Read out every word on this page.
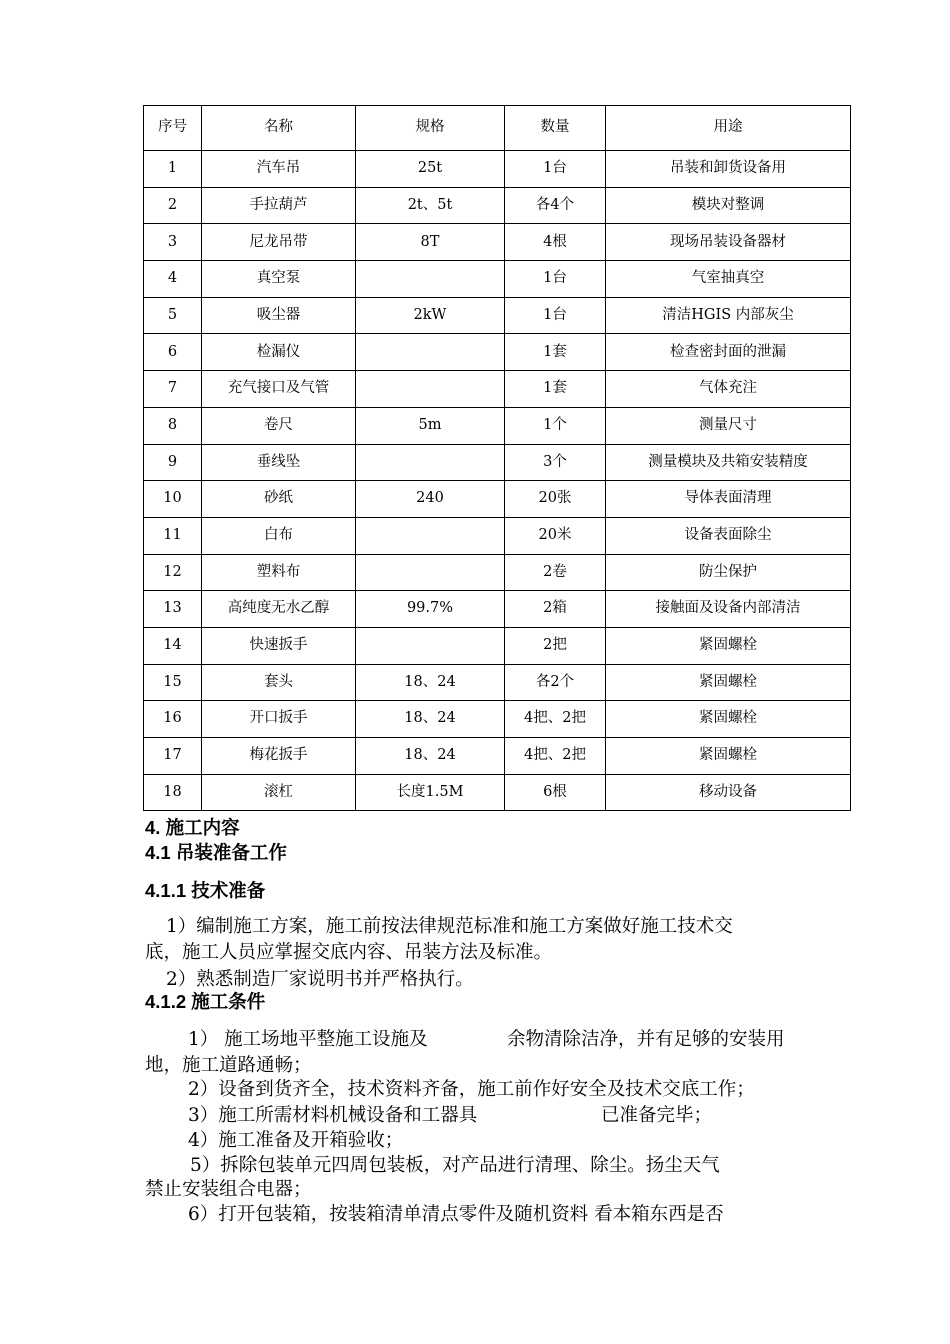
序号	名称	规格	数量	用途
1	汽车吊	25t	1台	吊装和卸货设备用
2	手拉葫芦	2t、5t	各4个	模块对整调
3	尼龙吊带	8T	4根	现场吊装设备器材
4	真空泵		1台	气室抽真空
5	吸尘器	2kW	1台	清洁HGIS 内部灰尘
6	检漏仪		1套	检查密封面的泄漏
7	充气接口及气管		1套	气体充注
8	卷尺	5m	1个	测量尺寸
9	垂线坠		3个	测量模块及共箱安装精度
10	砂纸	240	20张	导体表面清理
11	白布		20米	设备表面除尘
12	塑料布		2卷	防尘保护
13	高纯度无水乙醇	99.7%	2箱	接触面及设备内部清洁
14	快速扳手		2把	紧固螺栓
15	套头	18、24	各2个	紧固螺栓
16	开口扳手	18、24	4把、2把	紧固螺栓
17	梅花扳手	18、24	4把、2把	紧固螺栓
18	滚杠	长度1.5M	6根	移动设备
4. 施工内容
4.1 吊装准备工作
4.1.1 技术准备
1）编制施工方案，施工前按法律规范标准和施工方案做好施工技术交
底，施工人员应掌握交底内容、吊装方法及标准。
2）熟悉制造厂家说明书并严格执行。
4.1.2 施工条件
1） 施工场地平整施工设施及	余物清除洁净，并有足够的安装用
地，施工道路通畅；
2）设备到货齐全，技术资料齐备，施工前作好安全及技术交底工作；
3）施工所需材料机械设备和工器具	已准备完毕；
4）施工准备及开箱验收；
5）拆除包装单元四周包装板，对产品进行清理、除尘。扬尘天气
禁止安装组合电器；
6）打开包装箱，按装箱清单清点零件及随机资料 看本箱东西是否
